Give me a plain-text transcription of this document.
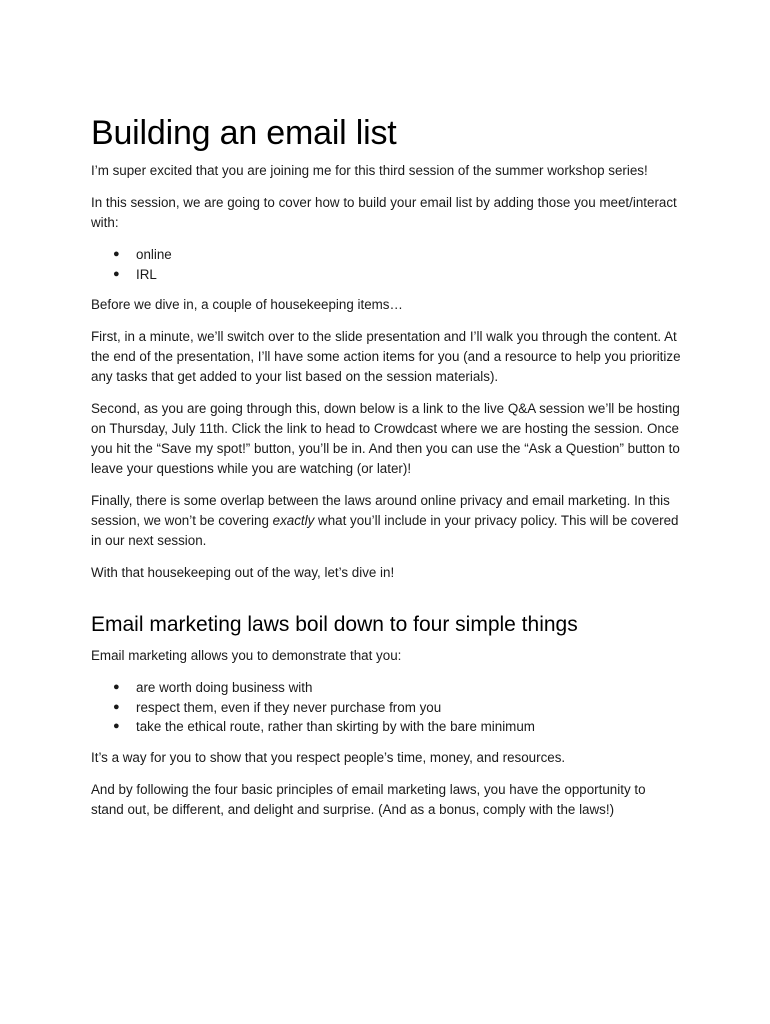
Building an email list

I’m super excited that you are joining me for this third session of the summer workshop series!

In this session, we are going to cover how to build your email list by adding those you meet/interact with:

● online
● IRL

Before we dive in, a couple of housekeeping items…

First, in a minute, we’ll switch over to the slide presentation and I’ll walk you through the content. At the end of the presentation, I’ll have some action items for you (and a resource to help you prioritize any tasks that get added to your list based on the session materials).

Second, as you are going through this, down below is a link to the live Q&A session we’ll be hosting on Thursday, July 11th. Click the link to head to Crowdcast where we are hosting the session. Once you hit the “Save my spot!” button, you’ll be in. And then you can use the “Ask a Question” button to leave your questions while you are watching (or later)!

Finally, there is some overlap between the laws around online privacy and email marketing. In this session, we won’t be covering exactly what you’ll include in your privacy policy. This will be covered in our next session.

With that housekeeping out of the way, let’s dive in!

Email marketing laws boil down to four simple things

Email marketing allows you to demonstrate that you:

● are worth doing business with
● respect them, even if they never purchase from you
● take the ethical route, rather than skirting by with the bare minimum

It’s a way for you to show that you respect people’s time, money, and resources.

And by following the four basic principles of email marketing laws, you have the opportunity to stand out, be different, and delight and surprise. (And as a bonus, comply with the laws!)
